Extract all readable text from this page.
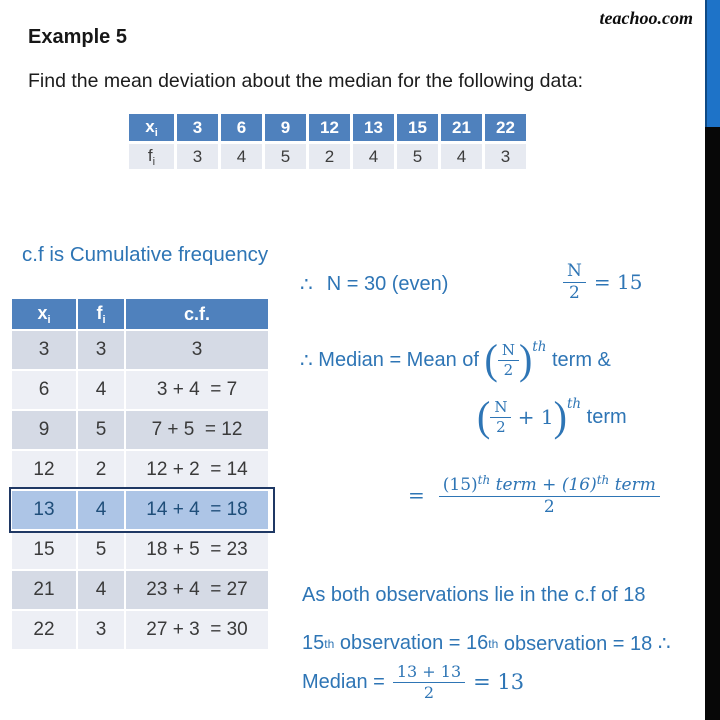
teachoo.com
Example 5
Find the mean deviation about the median for the following data:
$x_i$	3	6	9	12	13	15	21	22
$f_i$	3	4	5	2	4	5	4	3
c.f is Cumulative frequency
$x_i$	$f_i$	c.f.
3	3	3
6	4	3 + 4  = 7
9	5	7 + 5  = 12
12	2	12 + 2  = 14
13	4	14 + 4  = 18
15	5	18 + 5  = 23
21	4	23 + 4  = 27
22	3	27 + 3  = 30
∴ N = 30 (even)	$\frac{N}{2} = 15$
∴ Median = Mean of ( $\frac{N}{2}$ ) th
term &
( $\frac{N}{2} + 1$ ) th
term
= $\frac{(15)^{th} term + (16)^{th} term}{2}$
As both observations lie in the c.f of 18
15 th observation = 16 th observation = 18 ∴
Median = $\frac{13 + 13}{2} = 13$
